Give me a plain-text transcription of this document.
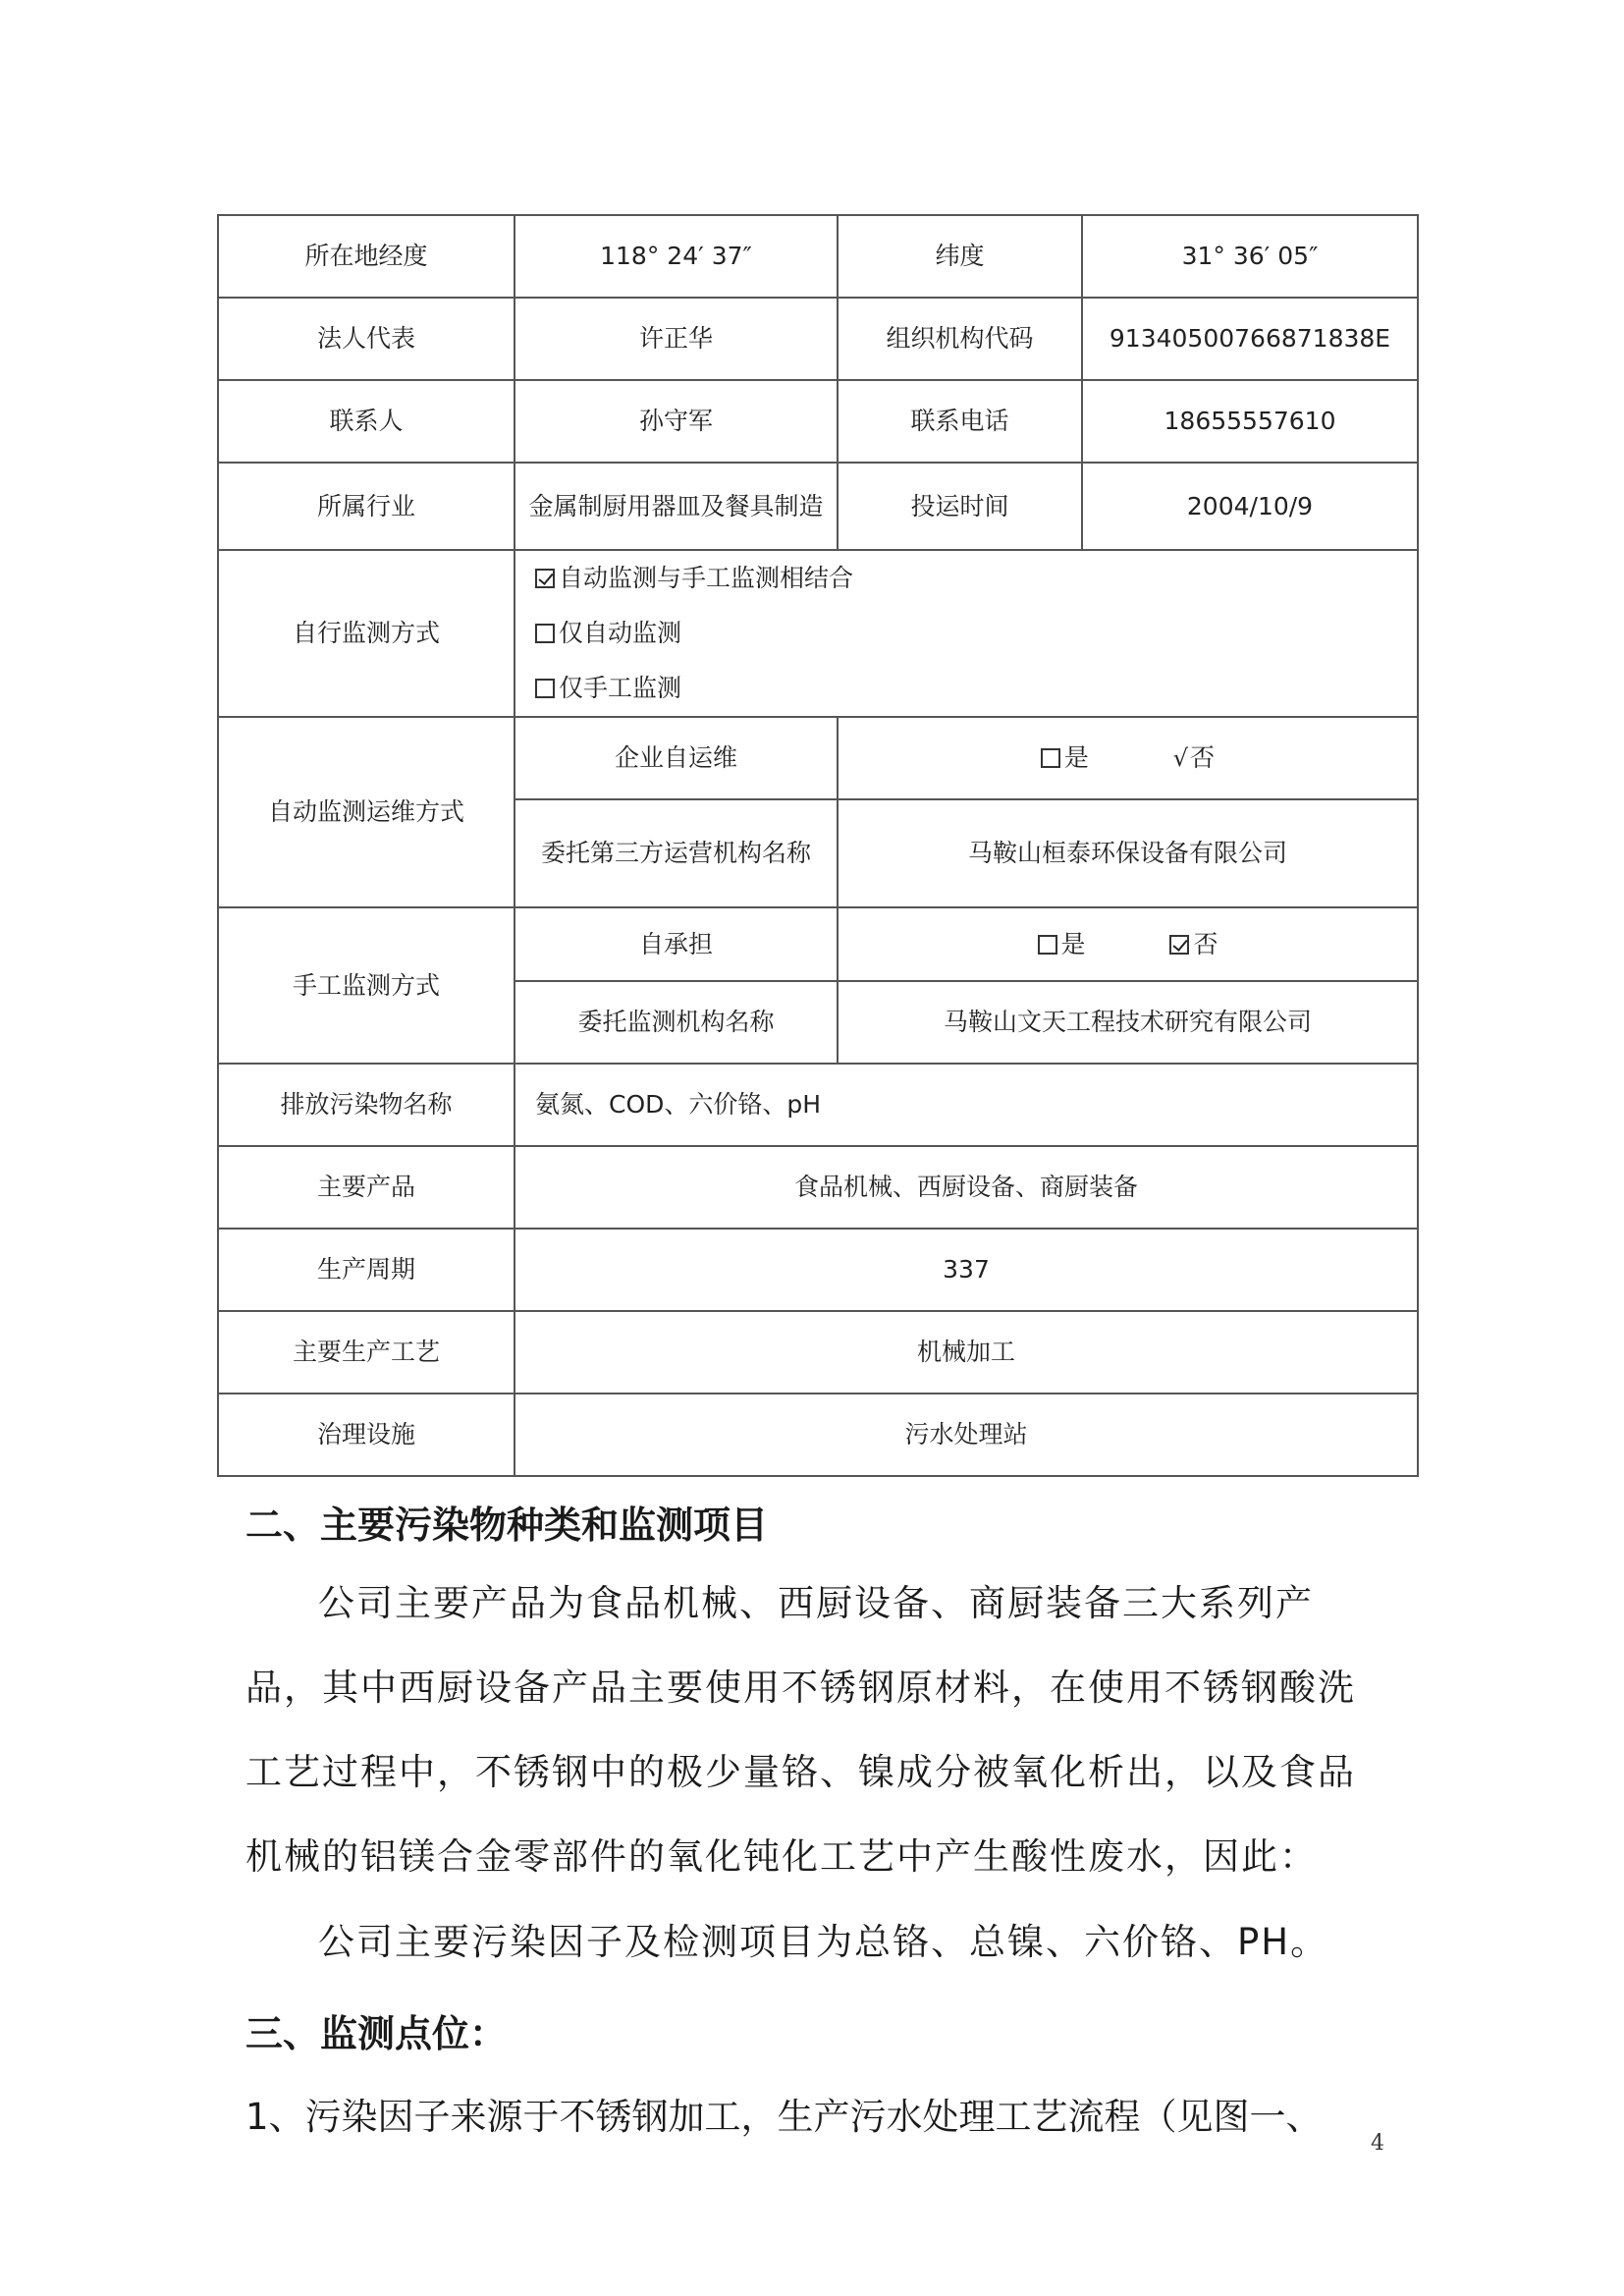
所在地经度	118° 24′ 37″	纬度	31° 36′ 05″
法人代表	许正华	组织机构代码	91340500766871838E
联系人	孙守军	联系电话	18655557610
所属行业	金属制厨用器皿及餐具制造	投运时间	2004/10/9
自行监测方式	自动监测与手工监测相结合
仅自动监测
仅手工监测		

自动监测运维方式	企业自运维	是 √否	
	委托第三方运营机构名称	马鞍山桓泰环保设备有限公司	
手工监测方式	自承担	是 否	
	委托监测机构名称	马鞍山文天工程技术研究有限公司	
排放污染物名称	氨氮、COD、六价铬、pH		
主要产品	食品机械、西厨设备、商厨装备		
生产周期	337		
主要生产工艺	机械加工		
治理设施	污水处理站		
二、主要污染物种类和监测项目
公司主要产品为食品机械、西厨设备、商厨装备三大系列产品，其中西厨设备产品主要使用不锈钢原材料，在使用不锈钢酸洗工艺过程中，不锈钢中的极少量铬、镍成分被氧化析出，以及食品机械的铝镁合金零部件的氧化钝化工艺中产生酸性废水，因此：
公司主要污染因子及检测项目为总铬、总镍、六价铬、PH。
三、监测点位：
1、污染因子来源于不锈钢加工，生产污水处理工艺流程（见图一、
4
